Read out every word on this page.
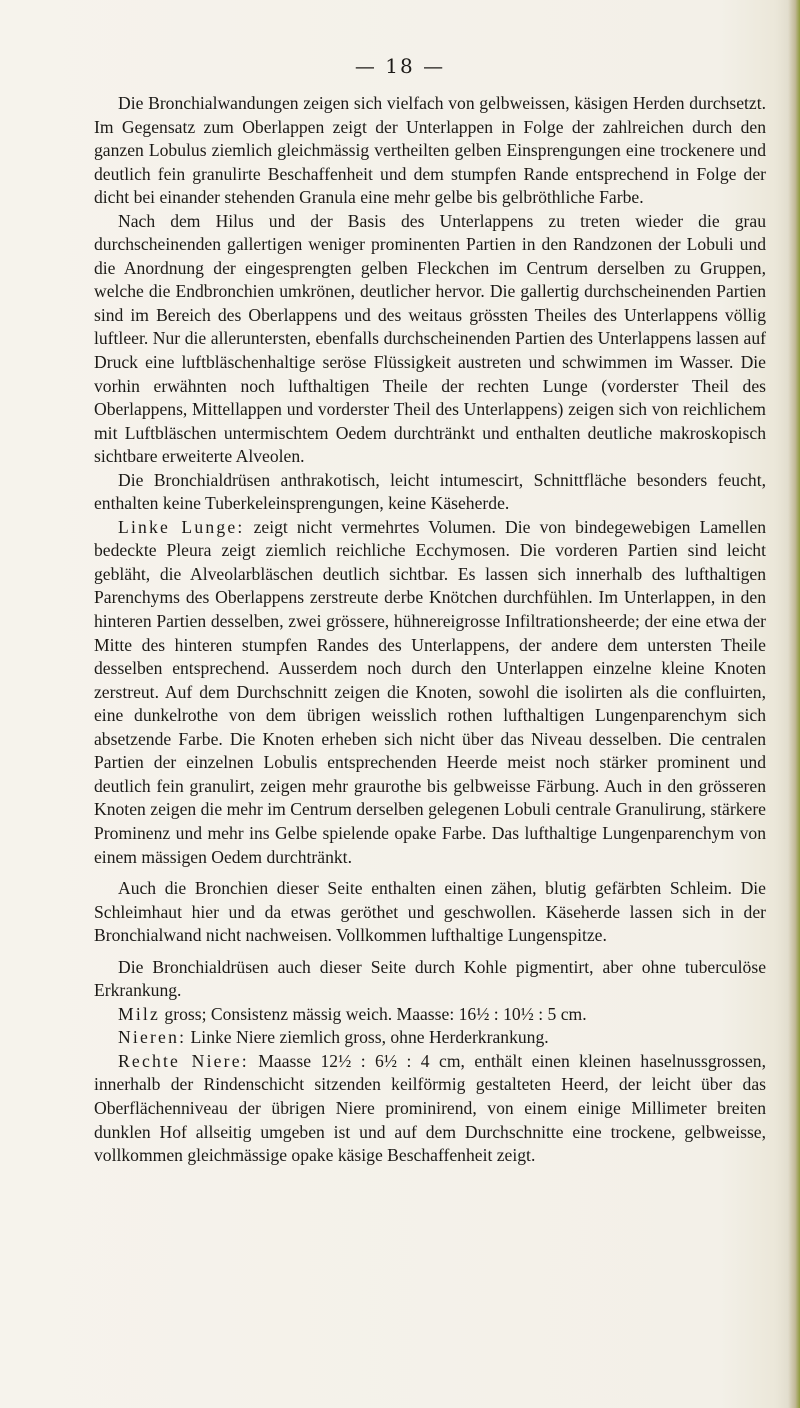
— 18 —

Die Bronchialwandungen zeigen sich vielfach von gelbweissen, käsigen Herden durchsetzt. Im Gegensatz zum Oberlappen zeigt der Unterlappen in Folge der zahlreichen durch den ganzen Lobulus ziemlich gleichmässig vertheilten gelben Einsprengungen eine trockenere und deutlich fein granulirte Beschaffenheit und dem stumpfen Rande entsprechend in Folge der dicht bei einander stehenden Granula eine mehr gelbe bis gelbröthliche Farbe.

Nach dem Hilus und der Basis des Unterlappens zu treten wieder die grau durchscheinenden gallertigen weniger prominenten Partien in den Randzonen der Lobuli und die Anordnung der eingesprengten gelben Fleckchen im Centrum derselben zu Gruppen, welche die Endbronchien umkrönen, deutlicher hervor. Die gallertig durchscheinenden Partien sind im Bereich des Oberlappens und des weitaus grössten Theiles des Unterlappens völlig luftleer. Nur die alleruntersten, ebenfalls durchscheinenden Partien des Unterlappens lassen auf Druck eine luftbläschenhaltige seröse Flüssigkeit austreten und schwimmen im Wasser. Die vorhin erwähnten noch lufthaltigen Theile der rechten Lunge (vorderster Theil des Oberlappens, Mittellappen und vorderster Theil des Unterlappens) zeigen sich von reichlichem mit Luftbläschen untermischtem Oedem durchtränkt und enthalten deutliche makroskopisch sichtbare erweiterte Alveolen.

Die Bronchialdrüsen anthrakotisch, leicht intumescirt, Schnittfläche besonders feucht, enthalten keine Tuberkeleinsprengungen, keine Käseherde.

Linke Lunge: zeigt nicht vermehrtes Volumen. Die von bindegewebigen Lamellen bedeckte Pleura zeigt ziemlich reichliche Ecchymosen. Die vorderen Partien sind leicht gebläht, die Alveolarbläschen deutlich sichtbar. Es lassen sich innerhalb des lufthaltigen Parenchyms des Oberlappens zerstreute derbe Knötchen durchfühlen. Im Unterlappen, in den hinteren Partien desselben, zwei grössere, hühnereigrosse Infiltrationsheerde; der eine etwa der Mitte des hinteren stumpfen Randes des Unterlappens, der andere dem untersten Theile desselben entsprechend. Ausserdem noch durch den Unterlappen einzelne kleine Knoten zerstreut. Auf dem Durchschnitt zeigen die Knoten, sowohl die isolirten als die confluirten, eine dunkelrothe von dem übrigen weisslich rothen lufthaltigen Lungenparenchym sich absetzende Farbe. Die Knoten erheben sich nicht über das Niveau desselben. Die centralen Partien der einzelnen Lobulis entsprechenden Heerde meist noch stärker prominent und deutlich fein granulirt, zeigen mehr graurothe bis gelbweisse Färbung. Auch in den grösseren Knoten zeigen die mehr im Centrum derselben gelegenen Lobuli centrale Granulirung, stärkere Prominenz und mehr ins Gelbe spielende opake Farbe. Das lufthaltige Lungenparenchym von einem mässigen Oedem durchtränkt.

Auch die Bronchien dieser Seite enthalten einen zähen, blutig gefärbten Schleim. Die Schleimhaut hier und da etwas geröthet und geschwollen. Käseherde lassen sich in der Bronchialwand nicht nachweisen. Vollkommen lufthaltige Lungenspitze.

Die Bronchialdrüsen auch dieser Seite durch Kohle pigmentirt, aber ohne tuberculöse Erkrankung.

Milz gross; Consistenz mässig weich. Maasse: 16½ : 10½ : 5 cm.

Nieren: Linke Niere ziemlich gross, ohne Herderkrankung.

Rechte Niere: Maasse 12½ : 6½ : 4 cm, enthält einen kleinen haselnussgrossen, innerhalb der Rindenschicht sitzenden keilförmig gestalteten Heerd, der leicht über das Oberflächenniveau der übrigen Niere prominirend, von einem einige Millimeter breiten dunklen Hof allseitig umgeben ist und auf dem Durchschnitte eine trockene, gelbweisse, vollkommen gleichmässige opake käsige Beschaffenheit zeigt.
